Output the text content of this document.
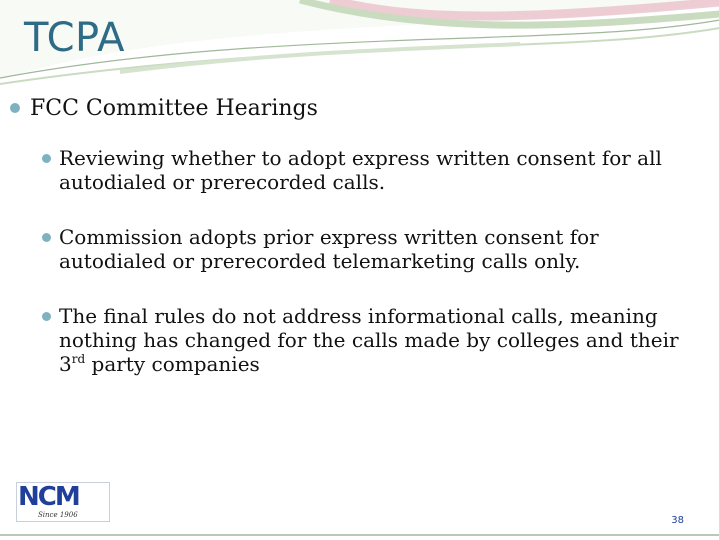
TCPA
FCC Committee Hearings
Reviewing whether to adopt express written consent for all autodialed or prerecorded calls.
Commission adopts prior express written consent for autodialed or prerecorded telemarketing calls only.
The final rules do not address informational calls, meaning nothing has changed for the calls made by colleges and their 3rd party companies
NCM
Since 1906	38
